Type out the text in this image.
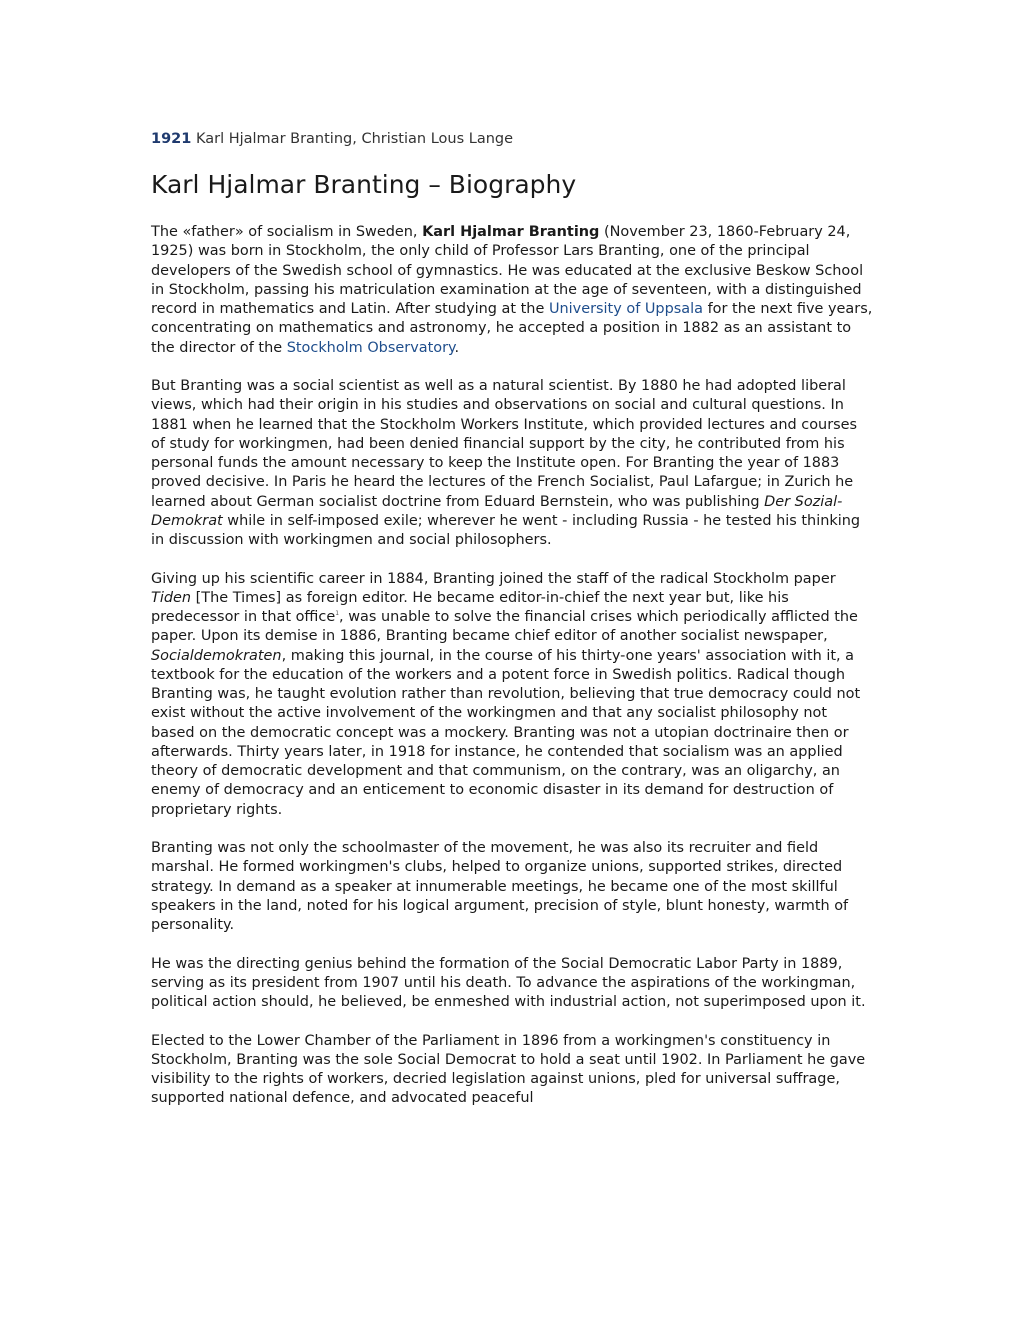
1921 Karl Hjalmar Branting, Christian Lous Lange
Karl Hjalmar Branting – Biography

The «father» of socialism in Sweden, Karl Hjalmar Branting (November 23, 1860-February 24, 1925) was born in Stockholm, the only child of Professor Lars Branting, one of the principal developers of the Swedish school of gymnastics. He was educated at the exclusive Beskow School in Stockholm, passing his matriculation examination at the age of seventeen, with a distinguished record in mathematics and Latin. After studying at the University of Uppsala for the next five years, concentrating on mathematics and astronomy, he accepted a position in 1882 as an assistant to the director of the Stockholm Observatory.

But Branting was a social scientist as well as a natural scientist. By 1880 he had adopted liberal views, which had their origin in his studies and observations on social and cultural questions. In 1881 when he learned that the Stockholm Workers Institute, which provided lectures and courses of study for workingmen, had been denied financial support by the city, he contributed from his personal funds the amount necessary to keep the Institute open. For Branting the year of 1883 proved decisive. In Paris he heard the lectures of the French Socialist, Paul Lafargue; in Zurich he learned about German socialist doctrine from Eduard Bernstein, who was publishing Der Sozial-Demokrat while in self-imposed exile; wherever he went - including Russia - he tested his thinking in discussion with workingmen and social philosophers.

Giving up his scientific career in 1884, Branting joined the staff of the radical Stockholm paper Tiden [The Times] as foreign editor. He became editor-in-chief the next year but, like his predecessor in that office$^1$, was unable to solve the financial crises which periodically afflicted the paper. Upon its demise in 1886, Branting became chief editor of another socialist newspaper, Socialdemokraten, making this journal, in the course of his thirty-one years' association with it, a textbook for the education of the workers and a potent force in Swedish politics. Radical though Branting was, he taught evolution rather than revolution, believing that true democracy could not exist without the active involvement of the workingmen and that any socialist philosophy not based on the democratic concept was a mockery. Branting was not a utopian doctrinaire then or afterwards. Thirty years later, in 1918 for instance, he contended that socialism was an applied theory of democratic development and that communism, on the contrary, was an oligarchy, an enemy of democracy and an enticement to economic disaster in its demand for destruction of proprietary rights.

Branting was not only the schoolmaster of the movement, he was also its recruiter and field marshal. He formed workingmen's clubs, helped to organize unions, supported strikes, directed strategy. In demand as a speaker at innumerable meetings, he became one of the most skillful speakers in the land, noted for his logical argument, precision of style, blunt honesty, warmth of personality.

He was the directing genius behind the formation of the Social Democratic Labor Party in 1889, serving as its president from 1907 until his death. To advance the aspirations of the workingman, political action should, he believed, be enmeshed with industrial action, not superimposed upon it.

Elected to the Lower Chamber of the Parliament in 1896 from a workingmen's constituency in Stockholm, Branting was the sole Social Democrat to hold a seat until 1902. In Parliament he gave visibility to the rights of workers, decried legislation against unions, pled for universal suffrage, supported national defence, and advocated peaceful
